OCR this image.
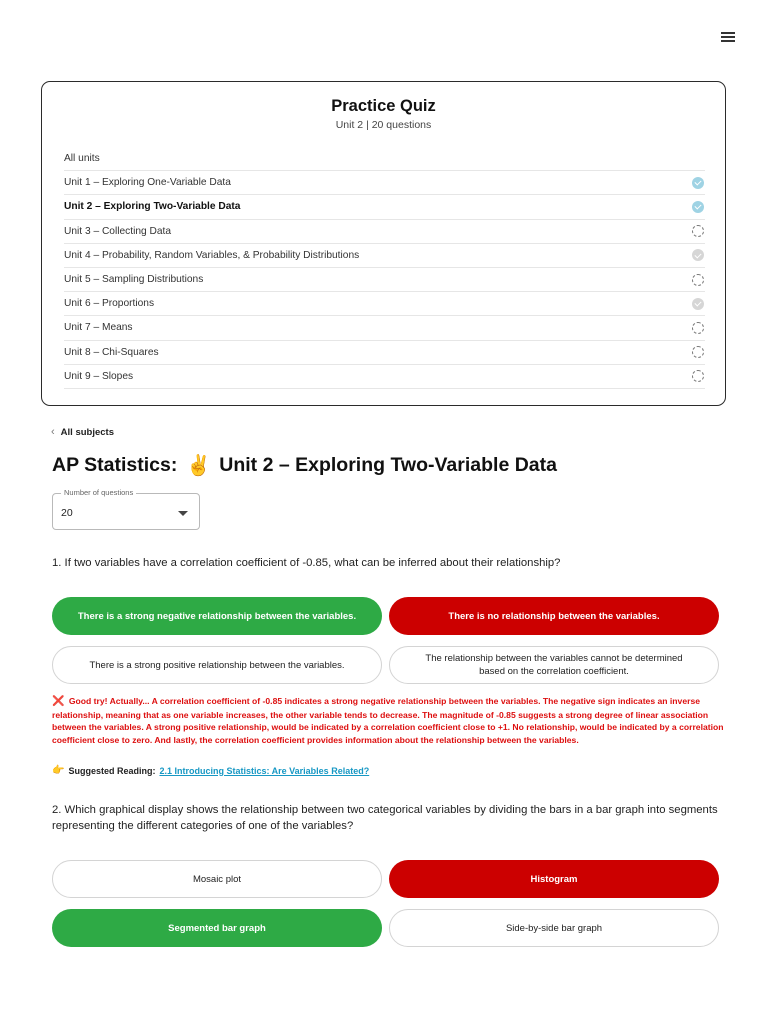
Practice Quiz
Unit 2 | 20 questions
All units
Unit 1 – Exploring One-Variable Data
Unit 2 – Exploring Two-Variable Data
Unit 3 – Collecting Data
Unit 4 – Probability, Random Variables, & Probability Distributions
Unit 5 – Sampling Distributions
Unit 6 – Proportions
Unit 7 – Means
Unit 8 – Chi-Squares
Unit 9 – Slopes
‹ All subjects
AP Statistics: ✌️ Unit 2 – Exploring Two-Variable Data
Number of questions
20
1. If two variables have a correlation coefficient of -0.85, what can be inferred about their relationship?
There is a strong negative relationship between the variables.	There is no relationship between the variables.
There is a strong positive relationship between the variables.
The relationship between the variables cannot be determined based on the correlation coefficient.
❌ Good try! Actually... A correlation coefficient of -0.85 indicates a strong negative relationship between the variables. The negative sign indicates an inverse relationship, meaning that as one variable increases, the other variable tends to decrease. The magnitude of -0.85 suggests a strong degree of linear association between the variables. A strong positive relationship, would be indicated by a correlation coefficient close to +1. No relationship, would be indicated by a correlation coefficient close to zero. And lastly, the correlation coefficient provides information about the relationship between the variables.
👉 Suggested Reading: 2.1 Introducing Statistics: Are Variables Related?
2. Which graphical display shows the relationship between two categorical variables by dividing the bars in a bar graph into segments representing the different categories of one of the variables?
Mosaic plot	Histogram
Segmented bar graph	Side-by-side bar graph
